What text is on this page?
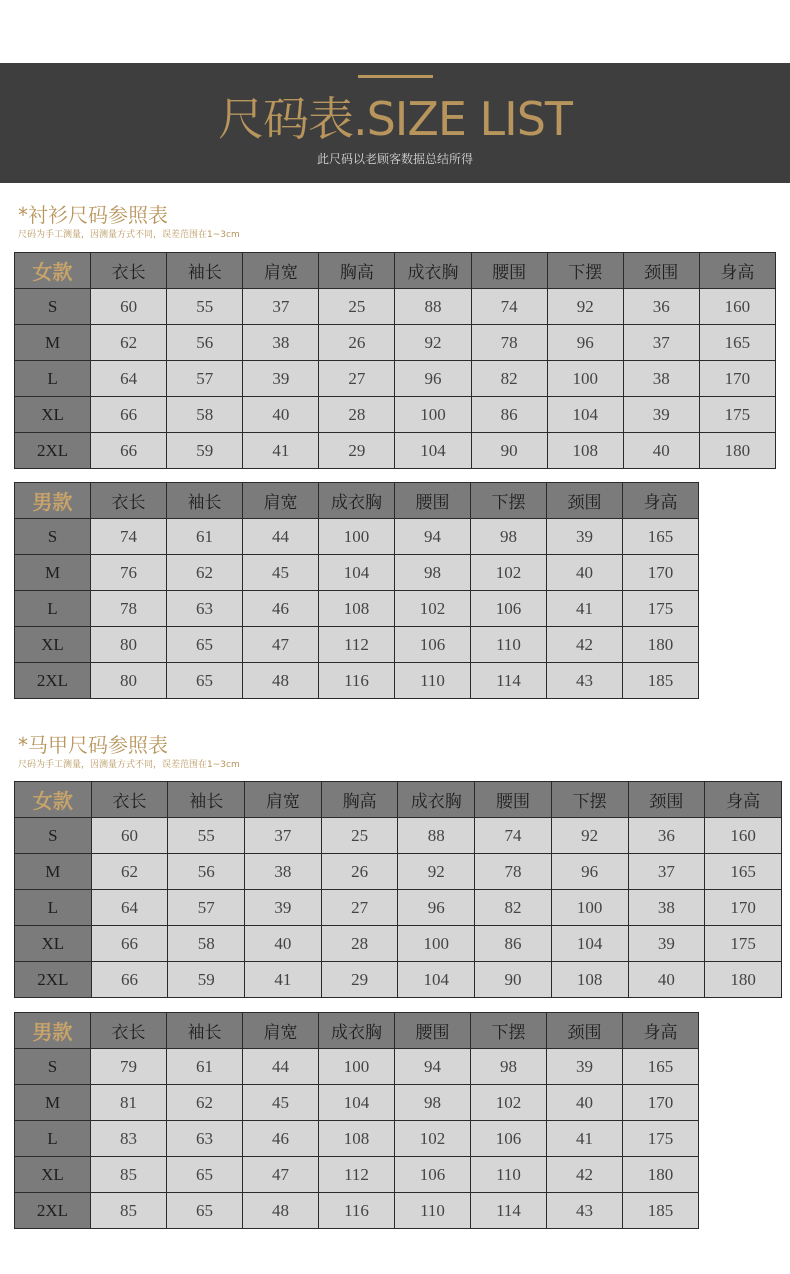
尺码表.SIZE LIST
此尺码以老顾客数据总结所得
*衬衫尺码参照表
尺码为手工测量，因测量方式不同，误差范围在1~3cm
女款	衣长	袖长	肩宽	胸高	成衣胸	腰围	下摆	颈围	身高
S	60	55	37	25	88	74	92	36	160
M	62	56	38	26	92	78	96	37	165
L	64	57	39	27	96	82	100	38	170
XL	66	58	40	28	100	86	104	39	175
2XL	66	59	41	29	104	90	108	40	180
男款	衣长	袖长	肩宽	成衣胸	腰围	下摆	颈围	身高
S	74	61	44	100	94	98	39	165
M	76	62	45	104	98	102	40	170
L	78	63	46	108	102	106	41	175
XL	80	65	47	112	106	110	42	180
2XL	80	65	48	116	110	114	43	185
*马甲尺码参照表
尺码为手工测量，因测量方式不同，误差范围在1~3cm
女款	衣长	袖长	肩宽	胸高	成衣胸	腰围	下摆	颈围	身高
S	60	55	37	25	88	74	92	36	160
M	62	56	38	26	92	78	96	37	165
L	64	57	39	27	96	82	100	38	170
XL	66	58	40	28	100	86	104	39	175
2XL	66	59	41	29	104	90	108	40	180
男款	衣长	袖长	肩宽	成衣胸	腰围	下摆	颈围	身高
S	79	61	44	100	94	98	39	165
M	81	62	45	104	98	102	40	170
L	83	63	46	108	102	106	41	175
XL	85	65	47	112	106	110	42	180
2XL	85	65	48	116	110	114	43	185
